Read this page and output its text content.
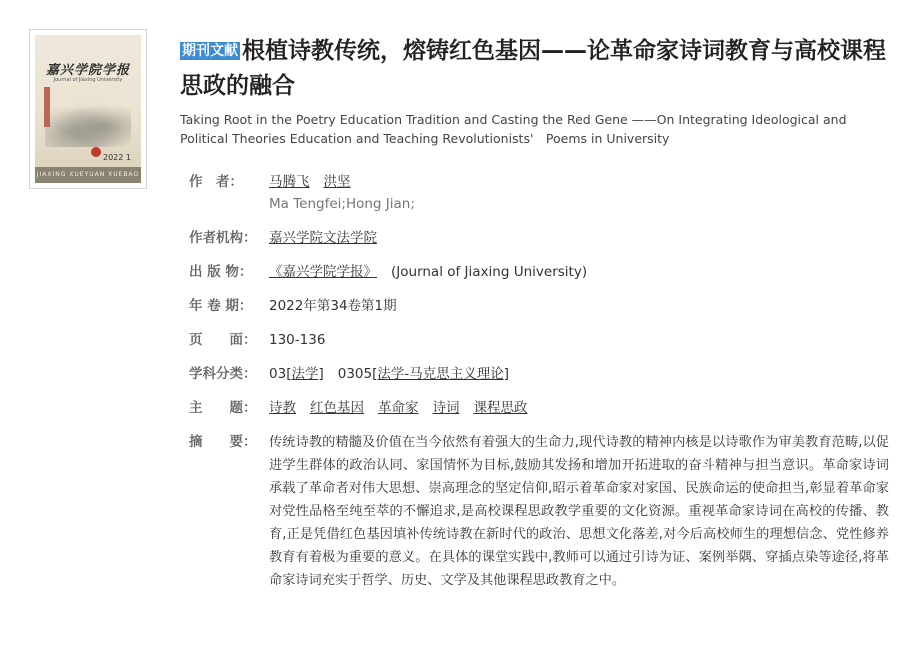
嘉兴学院学报
Journal of Jiaxing University
2022 1
JIAXING XUEYUAN XUEBAO
期刊文献 根植诗教传统，熔铸红色基因——论革命家诗词教育与高校课程思政的融合
Taking Root in the Poetry Education Tradition and Casting the Red Gene ——On Integrating Ideological and Political Theories Education and Teaching Revolutionists'　Poems in University
作　者：	马腾飞 洪坚
Ma Tengfei;Hong Jian;
作者机构： 嘉兴学院文法学院
出 版 物：	《嘉兴学院学报》 (Journal of Jiaxing University)
年 卷 期：	2022年第34卷第1期
页　　面： 130-136
学科分类： 03[法学] 0305[法学-马克思主义理论]
主　　题： 诗教 红色基因 革命家 诗词 课程思政
摘　　要： 传统诗教的精髓及价值在当今依然有着强大的生命力,现代诗教的精神内核是以诗歌作为审美教育范畴,以促进学生群体的政治认同、家国情怀为目标,鼓励其发扬和增加开拓进取的奋斗精神与担当意识。革命家诗词承载了革命者对伟大思想、崇高理念的坚定信仰,昭示着革命家对家国、民族命运的使命担当,彰显着革命家对党性品格至纯至萃的不懈追求,是高校课程思政教学重要的文化资源。重视革命家诗词在高校的传播、教育,正是凭借红色基因填补传统诗教在新时代的政治、思想文化落差,对今后高校师生的理想信念、党性修养教育有着极为重要的意义。在具体的课堂实践中,教师可以通过引诗为证、案例举隅、穿插点染等途径,将革命家诗词充实于哲学、历史、文学及其他课程思政教育之中。
